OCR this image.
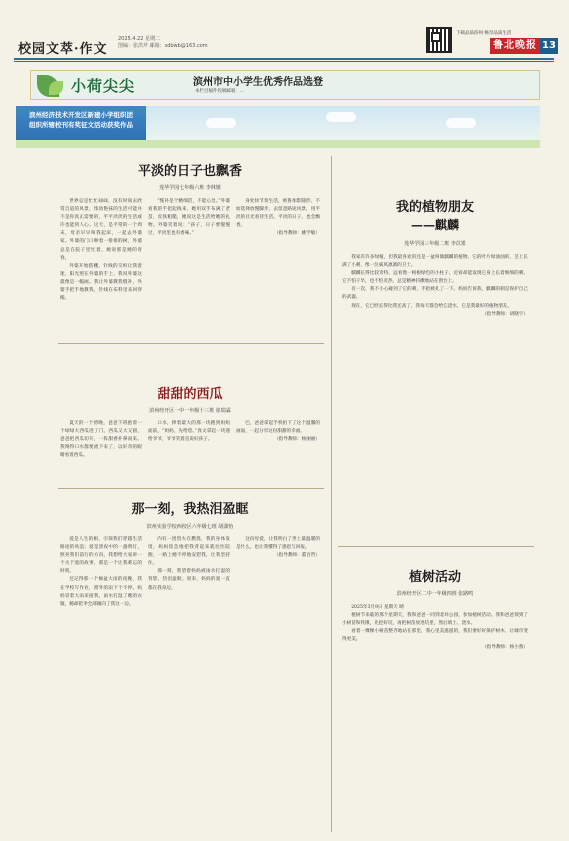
校园文萃·作文
2025.4.22 星期二
图编：张洪芹 邮箱：sdbwb@163.com
下载品质滨州 畅享品质生活
鲁北晚报 13
小荷尖尖	滨州市中小学生优秀作品选登
本栏目稿件投稿邮箱：...
滨州经济技术开发区新建小学组织团
组织所辖校刊有奖征文活动获奖作品
平淡的日子也飘香
莲华学园七年级六班 李林嬉

世界总是忙忙碌碌，没有时间去欣赏自道的风景，浓妆艳抹的生活可能并不是你真正需要的，平平淡淡的生活或许也能到人心。这天，是平常的一个周末，母亲早早叫我起床，一起去外婆家。外婆的门口种着一排排的树，外婆总是在院子里忙着，她说那是她的青春。

外婆开始搭棚，针线的交织让我着迷，阳光照在外婆的手上，我说外婆这就像是一幅画。我让外婆教我缝补，外婆手把手地教我，针线在布料里来回穿梭。

“缝补是个精细活，不能心急。”外婆看我的手把起线来，她用双手布满了老茧，皮肤粗糙，她说这是生活给她的礼物。外婆笑着说：“孩子，日子要慢慢过，平淡里也有香味。”

身处快节奏生活，被鲁加影随形，不妨选择放慢脚步，去留意路途风景，用平淡的目光看待生活。平淡的日子，也会飘香。

（指导教师：姚学敏）
甜甜的西瓜
滨州经开区一中一年级十三班 崔瑞霖

夏天的一个傍晚，爸爸下班抱着一个绿绿大西瓜进了门。西瓜又大又圆，爸爸把西瓜切开，一阵甜香扑鼻而来。我馋得口水都要流下来了，以好奇的眼睛看着西瓜。

口水，捧着最大的那一块跑到妈妈面前，“妈妈，先给您。”真文拿起一块递给爷爷，爷爷笑着直说好孩子。

巴，爸爸拿起手机拍下了这个温馨的画面，一起分享这份甜甜的幸福。

（指导教师：杨丽丽）
那一刻，我热泪盈眶
滨州实验学校西校区六年级七班 胡潇怡

爱是人生的根，引领我们穿越生活路途的风浪；爱是黑夜中的一盏明灯，照亮我们前行的方向。我想给大家讲一个关于爱的故事，那是一个让我难忘的时刻。

还记得那一个倾盆大雨的夜晚，我在学校写作业，窗外的雨下个不停。妈妈冒着大雨来接我，雨水打湿了她的衣服，她却把伞全部倾向了我这一边。

内有一团烈火在燃烧，我的身体发烫，妈妈焦急地把我背起来就往医院跑，一路上她不停地安慰我，让我坚持住。

那一刻，我望着妈妈被雨水打湿的背影，热泪盈眶。原来，妈妈的爱一直都在我身边。

这份母爱，让我明白了世上最温暖的是什么，也让我懂得了感恩与回报。

（指导教师：董百哲）
我的植物朋友
——麒麟
莲华学园三年级二班 李苡墨

我家有许多绿植，但我最喜欢的还是一盆叫做麒麟的植物。它的叶片绿油油的，茎上长满了小刺，像一位威风凛凛的卫士。

麒麟长得比较奇特，远看像一根根绿色的小柱子，近看却能发现它身上长着细细的刺。它不怕干旱，也不怕炎热，总是精神抖擞地站在窗台上。

有一次，我不小心碰到了它的刺，手指被扎了一下。妈妈告诉我，麒麟的刺是保护自己的武器。

现在，它已经长得比我还高了，我每天都会给它浇水，它是我最好的植物朋友。

（指导教师：胡晓宇）
植树活动
滨州经开区二中一年级四班 张路鸣

2025年3月9日 星期天 晴

植树节来临的那个星期天，我和爸爸一同到北环公园，参加植树活动。我和爸爸领到了小树苗和铁锹，先挖好坑，再把树苗放进坑里，然后填土、浇水。

看着一棵棵小树苗整齐地站在那里，我心里美滋滋的，我们要好好保护树木，让城市变得更美。

（指导教师：杨小燕）
